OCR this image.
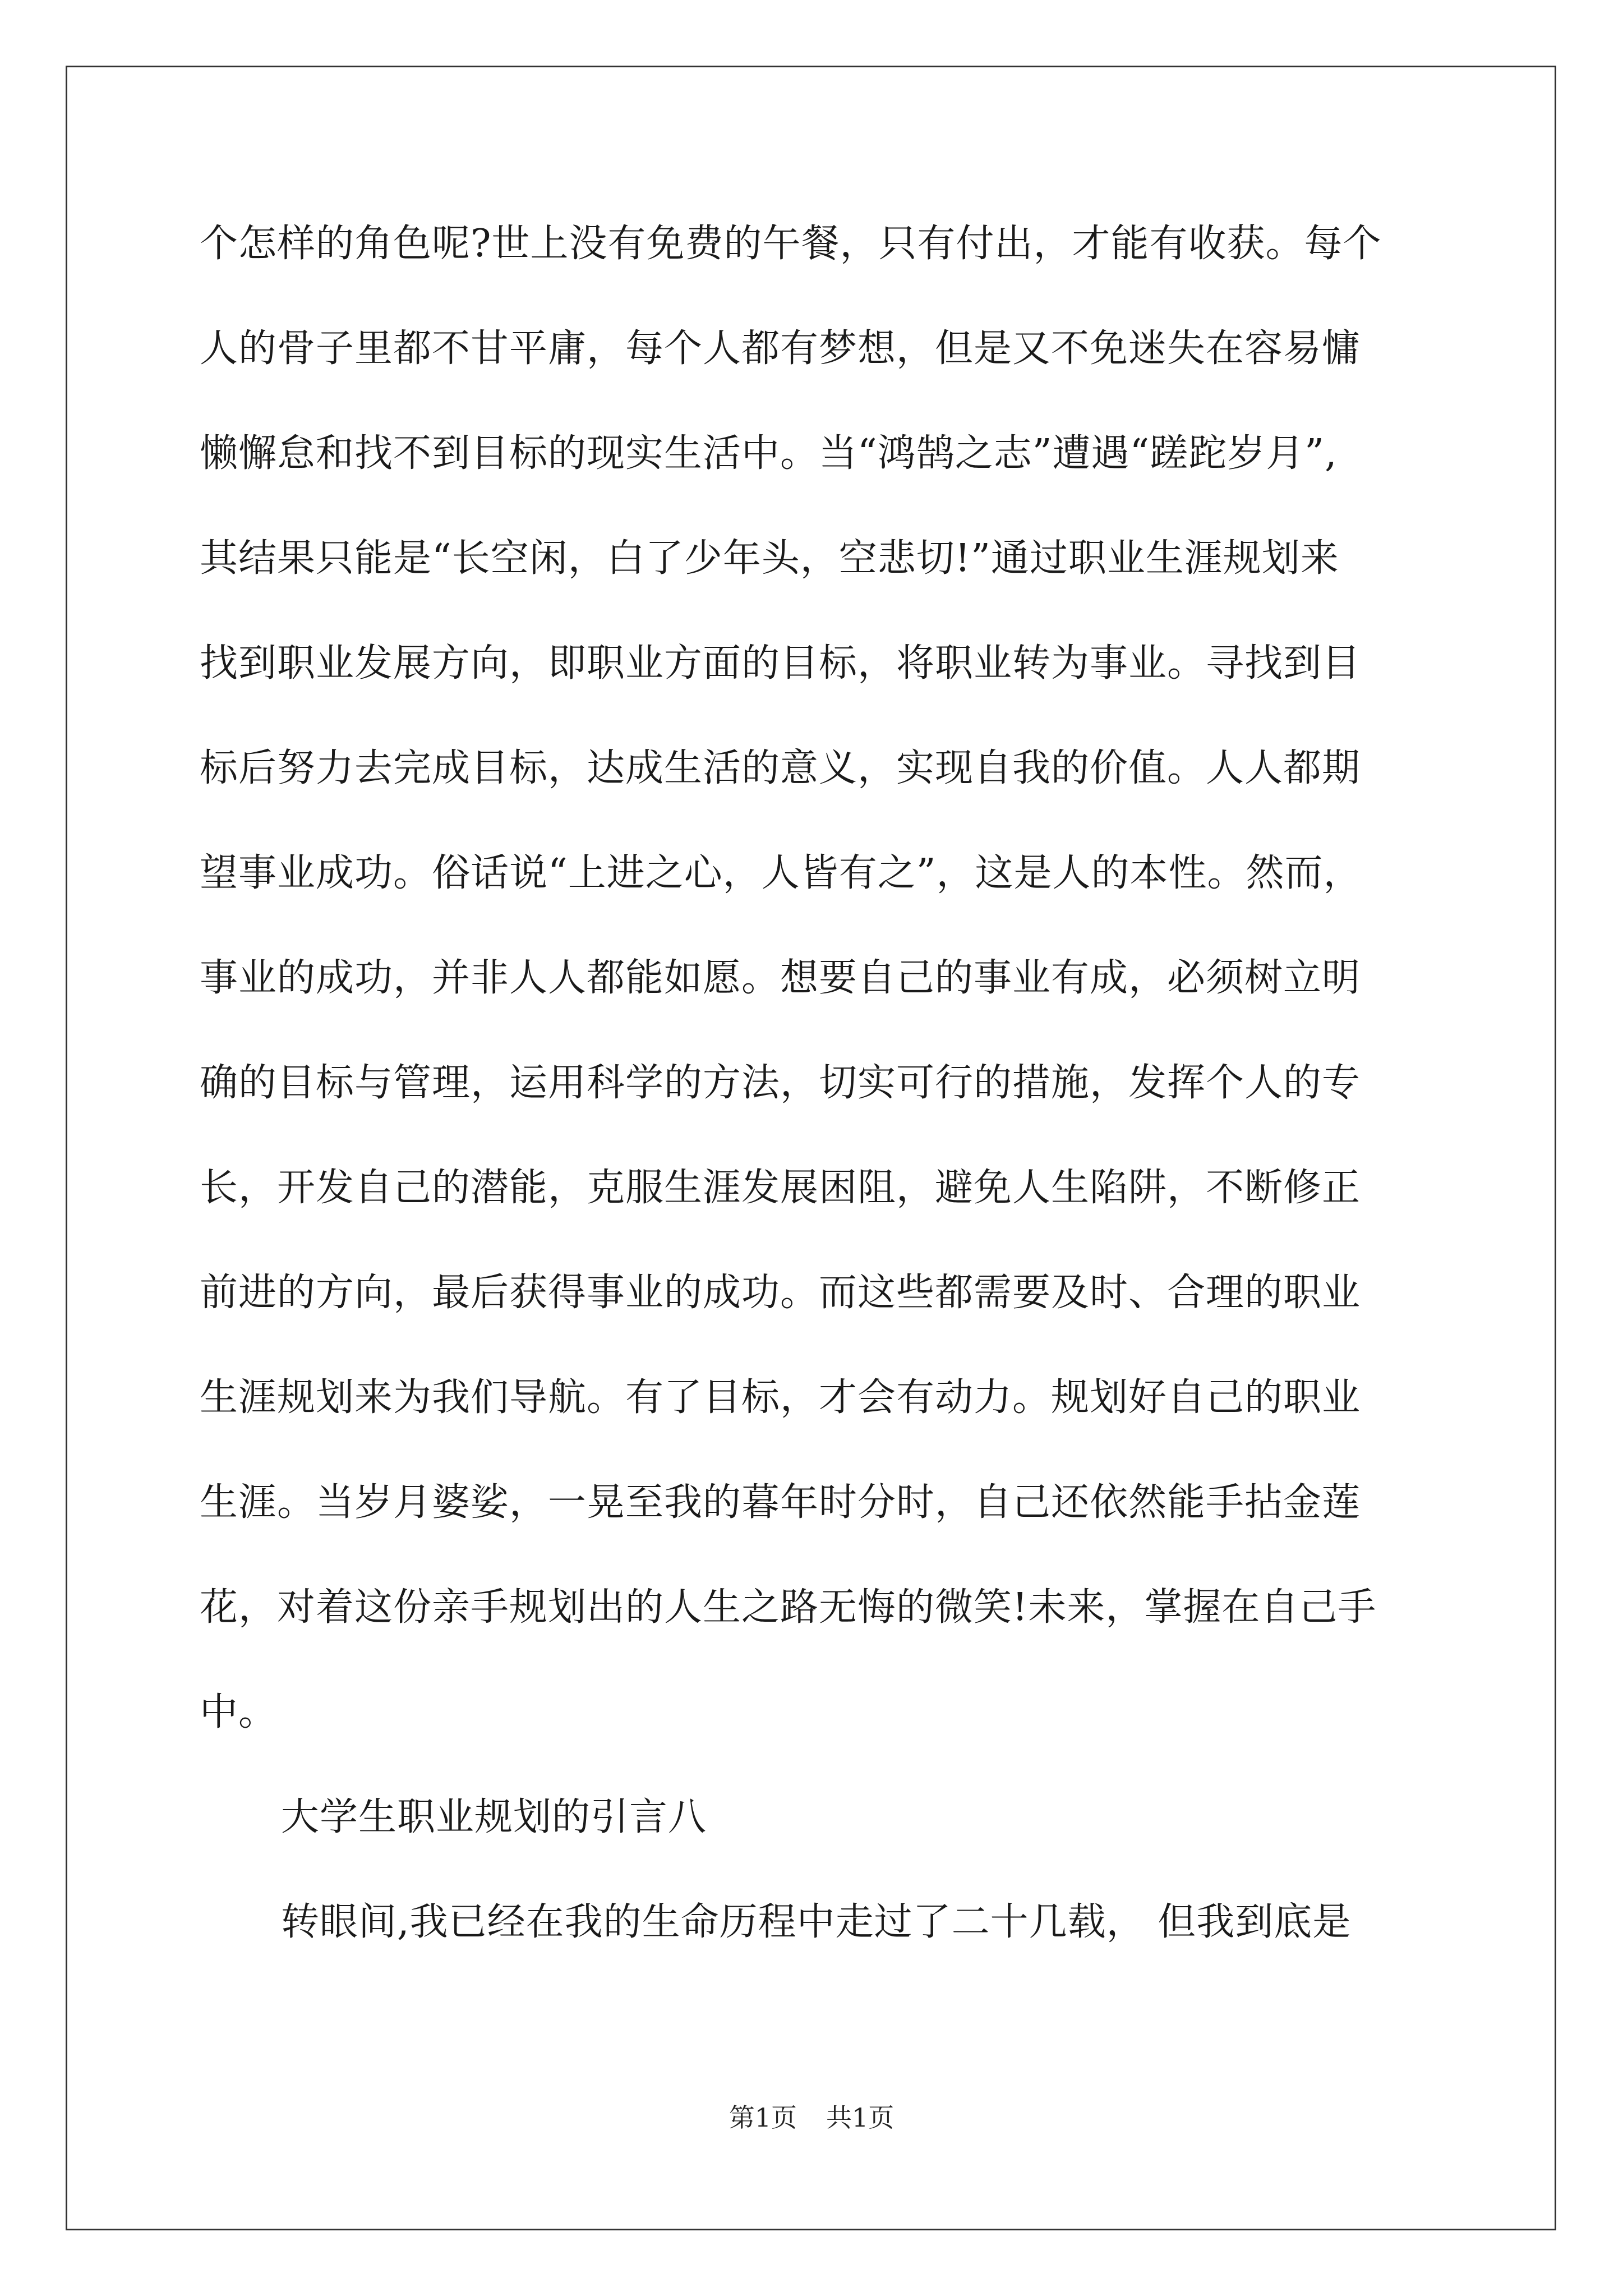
个怎样的角色呢?世上没有免费的午餐，只有付出，才能有收获。每个
人的骨子里都不甘平庸，每个人都有梦想，但是又不免迷失在容易慵
懒懈怠和找不到目标的现实生活中。当“鸿鹄之志”遭遇“蹉跎岁月”,
其结果只能是“长空闲，白了少年头，空悲切!”通过职业生涯规划来
找到职业发展方向，即职业方面的目标，将职业转为事业。寻找到目
标后努力去完成目标，达成生活的意义，实现自我的价值。人人都期
望事业成功。俗话说“上进之心，人皆有之”，这是人的本性。然而，
事业的成功，并非人人都能如愿。想要自己的事业有成，必须树立明
确的目标与管理，运用科学的方法，切实可行的措施，发挥个人的专
长，开发自己的潜能，克服生涯发展困阻，避免人生陷阱，不断修正
前进的方向，最后获得事业的成功。而这些都需要及时、合理的职业
生涯规划来为我们导航。有了目标，才会有动力。规划好自己的职业
生涯。当岁月婆娑，一晃至我的暮年时分时，自己还依然能手拈金莲
花，对着这份亲手规划出的人生之路无悔的微笑!未来，掌握在自己手
中。
大学生职业规划的引言八
转眼间,我已经在我的生命历程中走过了二十几载， 但我到底是
第1页 共1页
